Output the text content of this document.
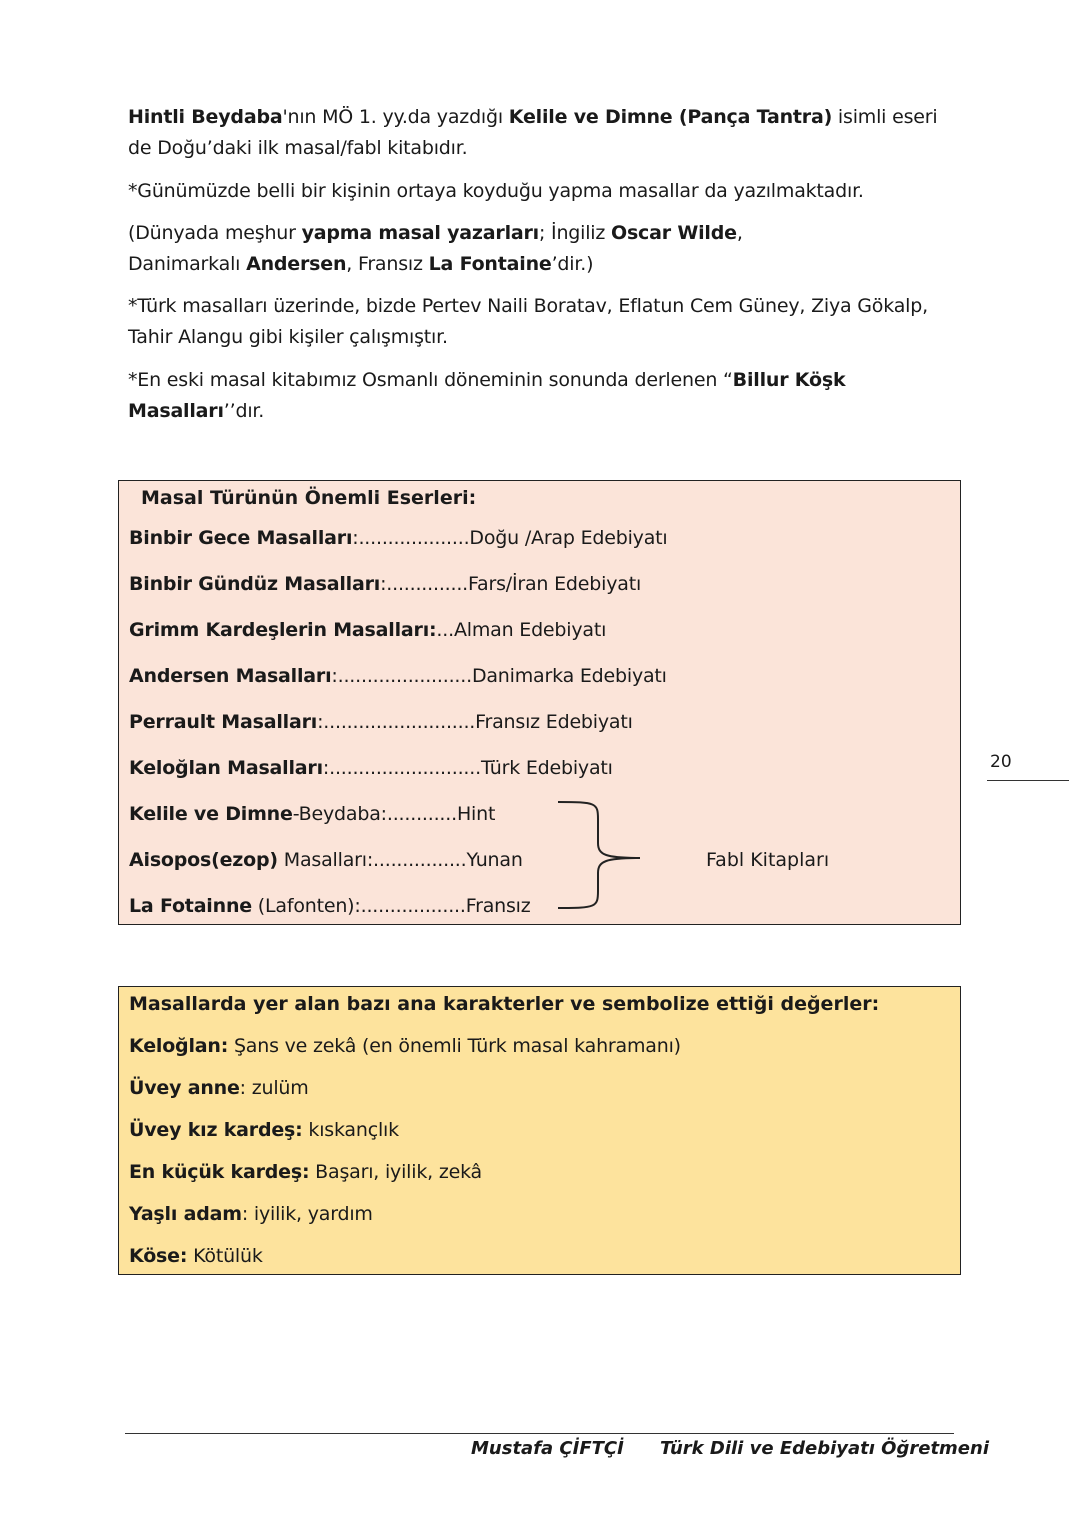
Hintli Beydaba'nın MÖ 1. yy.da yazdığı Kelile ve Dimne (Pança Tantra) isimli eseri de Doğu’daki ilk masal/fabl kitabıdır.
*Günümüzde belli bir kişinin ortaya koyduğu yapma masallar da yazılmaktadır.
(Dünyada meşhur yapma masal yazarları; İngiliz Oscar Wilde,
Danimarkalı Andersen, Fransız La Fontaine’dir.)
*Türk masalları üzerinde, bizde Pertev Naili Boratav, Eflatun Cem Güney, Ziya Gökalp, Tahir Alangu gibi kişiler çalışmıştır.
*En eski masal kitabımız Osmanlı döneminin sonunda derlenen “Billur Köşk Masalları’’dır.
Masal Türünün Önemli Eserleri:
Binbir Gece Masalları:...................Doğu /Arap Edebiyatı
Binbir Gündüz Masalları:..............Fars/İran Edebiyatı
Grimm Kardeşlerin Masalları:...Alman Edebiyatı
Andersen Masalları:.......................Danimarka Edebiyatı
Perrault Masalları:..........................Fransız Edebiyatı
Keloğlan Masalları:..........................Türk Edebiyatı
Kelile ve Dimne-Beydaba:............Hint
Aisopos(ezop) Masalları:................Yunan
La Fotainne (Lafonten):..................Fransız
Fabl Kitapları
20
Masallarda yer alan bazı ana karakterler ve sembolize ettiği değerler:
Keloğlan: Şans ve zekâ (en önemli Türk masal kahramanı)
Üvey anne: zulüm
Üvey kız kardeş: kıskançlık
En küçük kardeş: Başarı, iyilik, zekâ
Yaşlı adam: iyilik, yardım
Köse: Kötülük
Mustafa ÇİFTÇİ Türk Dili ve Edebiyatı Öğretmeni
